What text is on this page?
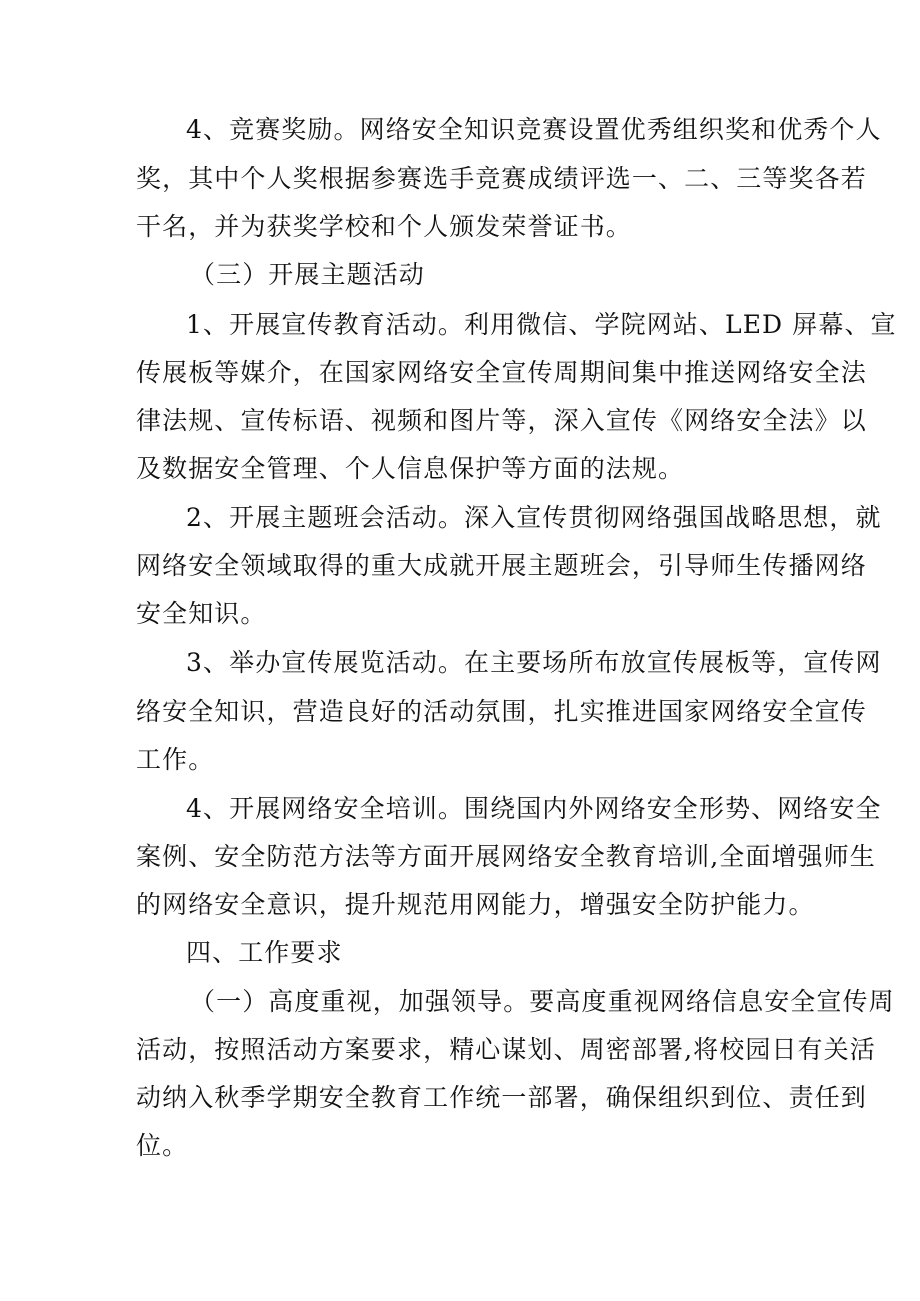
4、竞赛奖励。网络安全知识竞赛设置优秀组织奖和优秀个人
奖，其中个人奖根据参赛选手竞赛成绩评选一、二、三等奖各若
干名，并为获奖学校和个人颁发荣誉证书。
（三）开展主题活动
1、开展宣传教育活动。利用微信、学院网站、LED 屏幕、宣
传展板等媒介，在国家网络安全宣传周期间集中推送网络安全法
律法规、宣传标语、视频和图片等，深入宣传《网络安全法》以
及数据安全管理、个人信息保护等方面的法规。
2、开展主题班会活动。深入宣传贯彻网络强国战略思想，就
网络安全领域取得的重大成就开展主题班会，引导师生传播网络
安全知识。
3、举办宣传展览活动。在主要场所布放宣传展板等，宣传网
络安全知识，营造良好的活动氛围，扎实推进国家网络安全宣传
工作。
4、开展网络安全培训。围绕国内外网络安全形势、网络安全
案例、安全防范方法等方面开展网络安全教育培训,全面增强师生
的网络安全意识，提升规范用网能力，增强安全防护能力。
四、工作要求
（一）高度重视，加强领导。要高度重视网络信息安全宣传周
活动，按照活动方案要求，精心谋划、周密部署,将校园日有关活
动纳入秋季学期安全教育工作统一部署，确保组织到位、责任到
位。
